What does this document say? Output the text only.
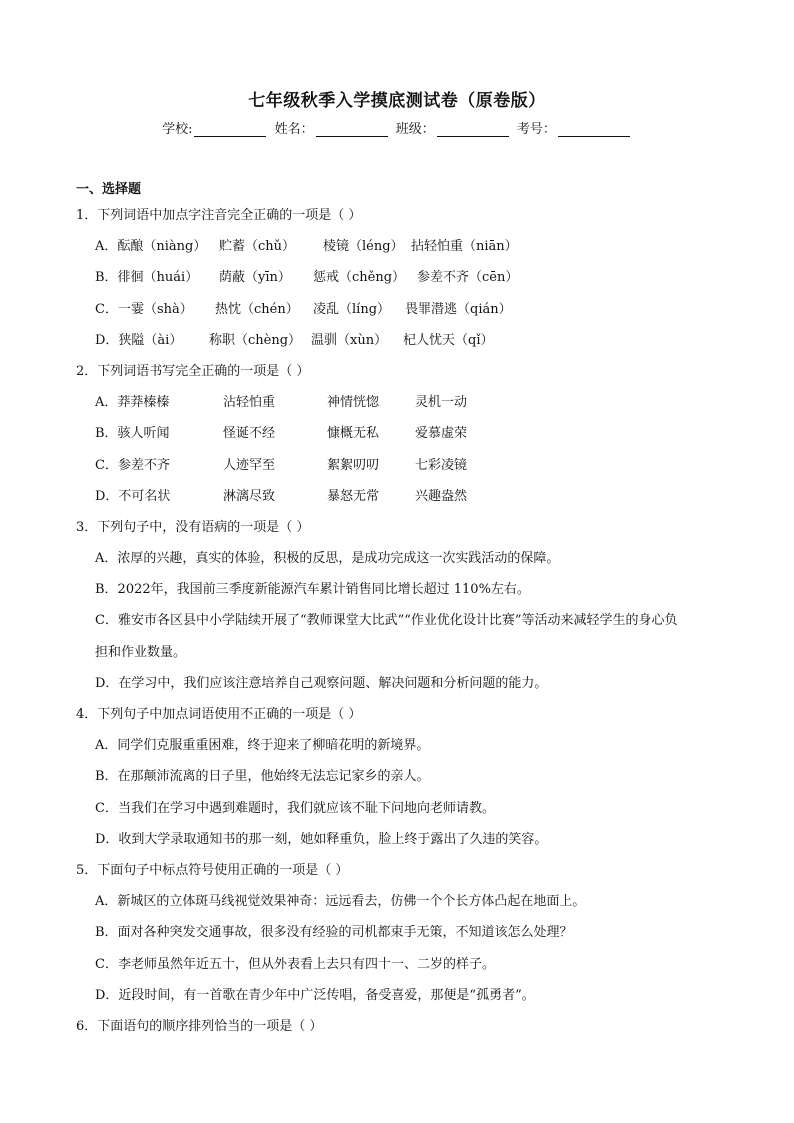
七年级秋季入学摸底测试卷（原卷版）
学校:	姓名：	班级：	考号：
一、选择题
1．下列词语中加点字注音完全正确的一项是（ ）
A．酝酿（niàng） 贮蓄（chǔ）	棱镜（léng） 拈轻怕重（niān）
B．徘徊（huái）	荫蔽（yīn）	惩戒（chěng） 参差不齐（cēn）
C．一霎（shà）	热忱（chén）	凌乱（líng）	畏罪潜逃（qián）
D．狭隘（ài）	称职（chèng） 温驯（xùn）	杞人忧天（qǐ）
2．下列词语书写完全正确的一项是（ ）
A．莽莽榛榛	沾轻怕重	神情恍惚	灵机一动
B．骇人听闻	怪诞不经	慷概无私	爱慕虚荣
C．参差不齐	人迹罕至	絮絮叨叨	七彩凌镜
D．不可名状	淋漓尽致	暴怒无常	兴趣盎然
3．下列句子中，没有语病的一项是（ ）
A．浓厚的兴趣，真实的体验，积极的反思，是成功完成这一次实践活动的保障。
B．2022年，我国前三季度新能源汽车累计销售同比增长超过 110%左右。
C．雅安市各区县中小学陆续开展了“教师课堂大比武”“作业优化设计比赛”等活动来减轻学生的身心负
担和作业数量。
D．在学习中，我们应该注意培养自己观察问题、解决问题和分析问题的能力。
4．下列句子中加点词语使用不正确的一项是（ ）
A．同学们克服重重困难，终于迎来了柳暗花明的新境界。
B．在那颠沛流离的日子里，他始终无法忘记家乡的亲人。
C．当我们在学习中遇到难题时，我们就应该不耻下问地向老师请教。
D．收到大学录取通知书的那一刻，她如释重负，脸上终于露出了久违的笑容。
5．下面句子中标点符号使用正确的一项是（ ）
A．新城区的立体斑马线视觉效果神奇：远远看去，仿佛一个个长方体凸起在地面上。
B．面对各种突发交通事故，很多没有经验的司机都束手无策，不知道该怎么处理？
C．李老师虽然年近五十，但从外表看上去只有四十一、二岁的样子。
D．近段时间，有一首歌在青少年中广泛传唱，备受喜爱，那便是“孤勇者”。
6．下面语句的顺序排列恰当的一项是（ ）
